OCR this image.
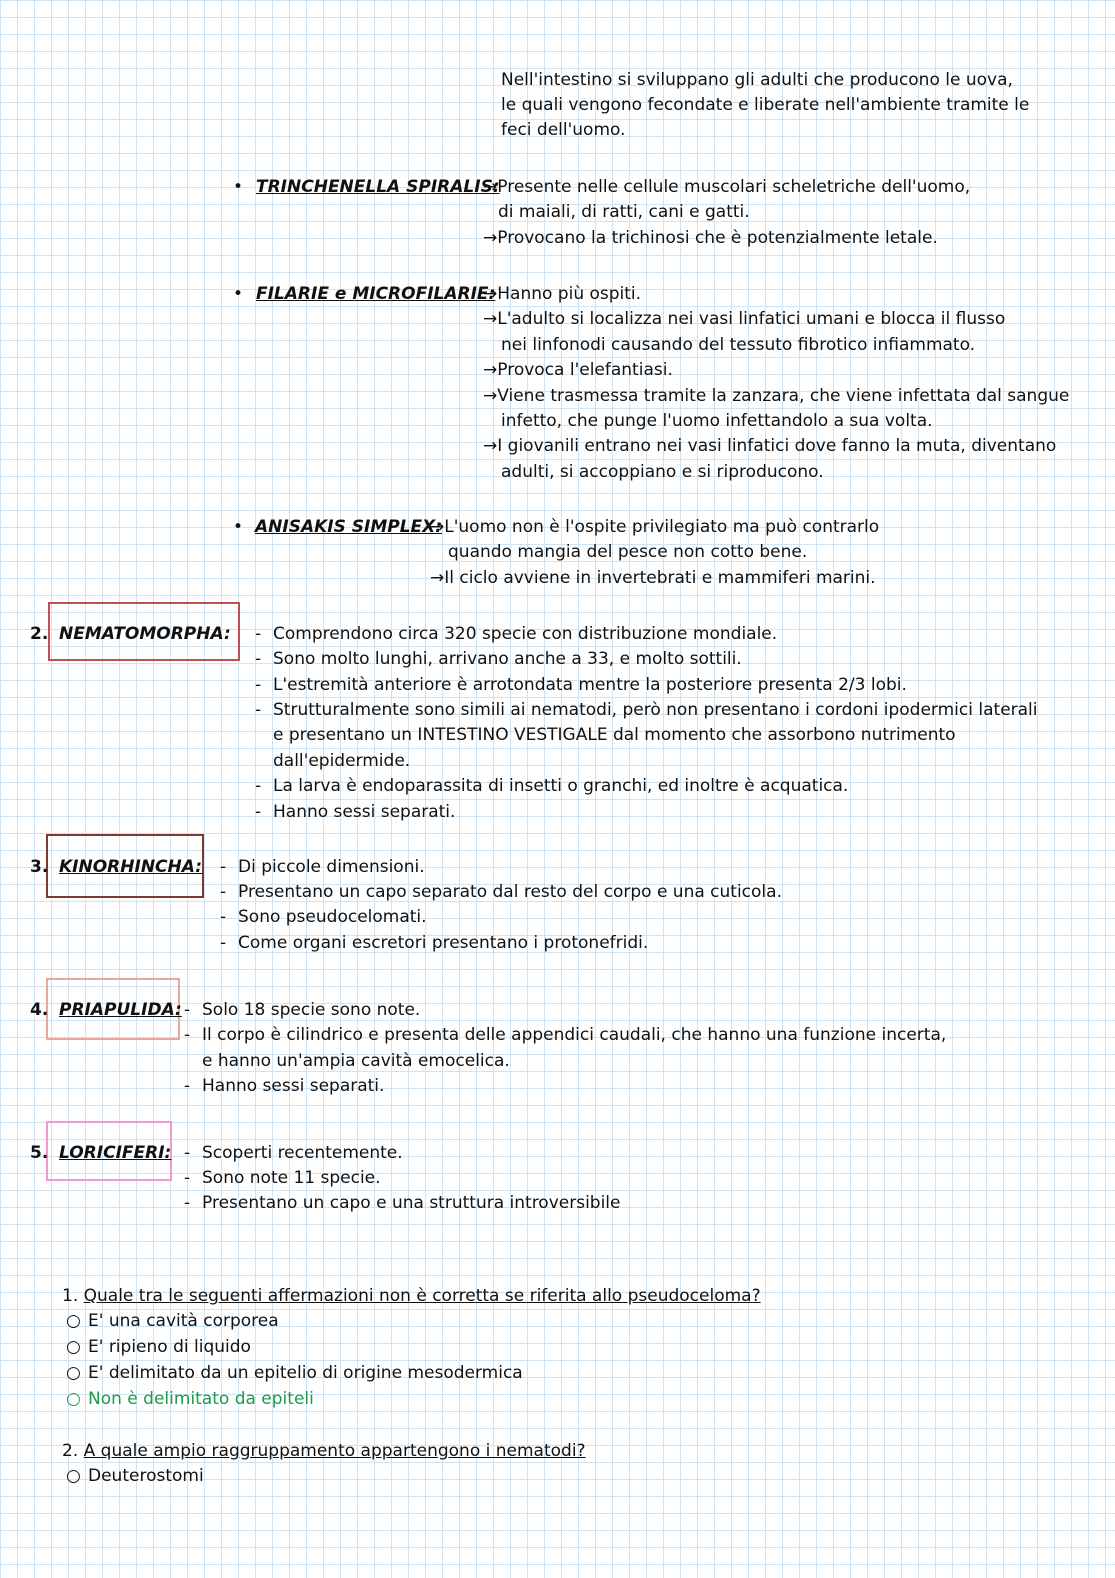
Nell'intestino si sviluppano gli adulti che producono le uova,
le quali vengono fecondate e liberate nell'ambiente tramite le
feci dell'uomo.
• TRINCHENELLA SPIRALIS:
→Presente nelle cellule muscolari scheletriche dell'uomo,
di maiali, di ratti, cani e gatti.
→Provocano la trichinosi che è potenzialmente letale.
• FILARIE e MICROFILARIE:
→Hanno più ospiti.
→L'adulto si localizza nei vasi linfatici umani e blocca il flusso
nei linfonodi causando del tessuto fibrotico infiammato.
→Provoca l'elefantiasi.
→Viene trasmessa tramite la zanzara, che viene infettata dal sangue
infetto, che punge l'uomo infettandolo a sua volta.
→I giovanili entrano nei vasi linfatici dove fanno la muta, diventano
adulti, si accoppiano e si riproducono.
• ANISAKIS SIMPLEX:
→L'uomo non è l'ospite privilegiato ma può contrarlo
quando mangia del pesce non cotto bene.
→Il ciclo avviene in invertebrati e mammiferi marini.
2. NEMATOMORPHA: - Comprendono circa 320 specie con distribuzione mondiale.
- Sono molto lunghi, arrivano anche a 33, e molto sottili.
- L'estremità anteriore è arrotondata mentre la posteriore presenta 2/3 lobi.
- Strutturalmente sono simili ai nematodi, però non presentano i cordoni ipodermici laterali
e presentano un INTESTINO VESTIGALE dal momento che assorbono nutrimento
dall'epidermide.
- La larva è endoparassita di insetti o granchi, ed inoltre è acquatica.
- Hanno sessi separati.
3. KINORHINCHA: - Di piccole dimensioni.
- Presentano un capo separato dal resto del corpo e una cuticola.
- Sono pseudocelomati.
- Come organi escretori presentano i protonefridi.
4. PRIAPULIDA: - Solo 18 specie sono note.
- Il corpo è cilindrico e presenta delle appendici caudali, che hanno una funzione incerta,
e hanno un'ampia cavità emocelica.
- Hanno sessi separati.
5. LORICIFERI: - Scoperti recentemente.
- Sono note 11 specie.
- Presentano un capo e una struttura introversibile
1. Quale tra le seguenti affermazioni non è corretta se riferita allo pseudoceloma?
○ E' una cavità corporea
○ E' ripieno di liquido
○ E' delimitato da un epitelio di origine mesodermica
○ Non è delimitato da epiteli
2. A quale ampio raggruppamento appartengono i nematodi?
○ Deuterostomi
